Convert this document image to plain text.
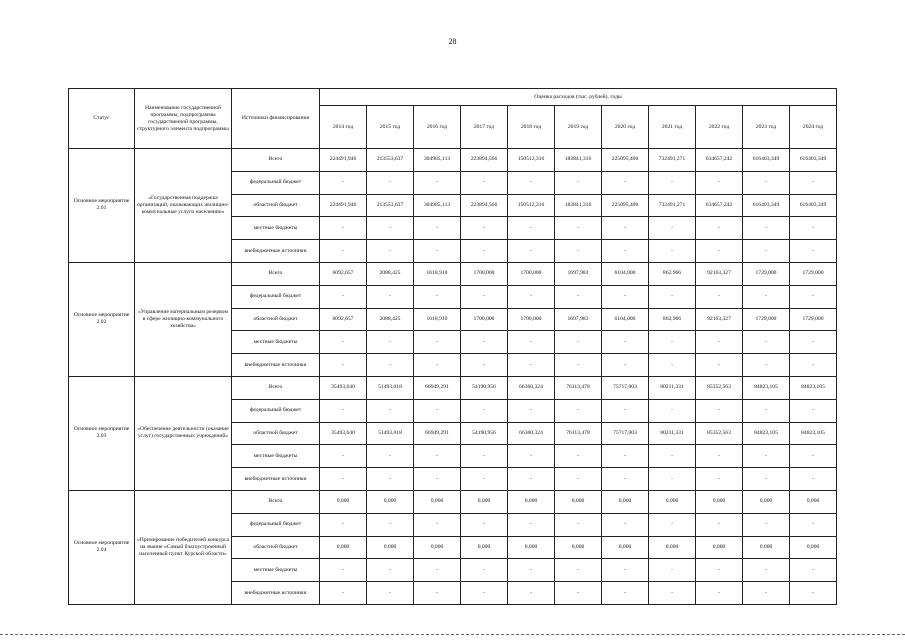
28
Статус	Наименование государственной программы, подпрограммы государственной программы, структурного элемента подпрограммы	Источники финансирования	Оценка расходов (тыс. рублей), годы										
			2014 год	2015 год	2016 год	2017 год	2018 год	2019 год	2020 год	2021 год	2022 год	2023 год	2024 год
Основное мероприятие 2.01	«Государственная поддержка организаций, оказывающих жилищно-коммунальные услуги населению»	Всего	224491,946	213553,637	304985,113	223894,566	150512,316	183841,316	225095,400	732491,271	634657,242	616403,349	616403,349
		федеральный бюджет	-	-	-	-	-	-	-	-	-	-	-
		областной бюджет	224491,946	213553,637	304985,113	223894,566	150512,316	183841,316	225095,400	732491,271	634657,242	616403,349	616403,349
		местные бюджеты	-	-	-	-	-	-	-	-	-	-	-
		внебюджетные источники	-	-	-	-	-	-	-	-	-	-	-
Основное мероприятие 2.02	«Управление материальным резервом в сфере жилищно-коммунального хозяйства»	Всего	6092,657	2088,425	1618,910	1700,000	1700,000	1697,983	6104,000	862,966	92163,327	1729,000	1729,000
		федеральный бюджет	-	-	-	-	-	-	-	-	-	-	-
		областной бюджет	6092,657	2088,425	1618,910	1700,000	1700,000	1697,983	6104,000	862,966	92163,327	1729,000	1729,000
		местные бюджеты	-	-	-	-	-	-	-	-	-	-	-
		внебюджетные источники	-	-	-	-	-	-	-	-	-	-	-
Основное мероприятие 2.03	«Обеспечение деятельности (оказание услуг) государственных учреждений»	Всего	35493,640	51493,018	66949,291	54190,956	66360,324	76113,478	75717,003	80211,331	85352,563	84823,105	84823,105
		федеральный бюджет	-	-	-	-	-	-	-	-	-	-	-
		областной бюджет	35493,640	51493,018	66949,291	54190,956	66360,324	76113,478	75717,003	80211,331	85352,563	84823,105	84823,105
		местные бюджеты	-	-	-	-	-	-	-	-	-	-	-
		внебюджетные источники	-	-	-	-	-	-	-	-	-	-	-
Основное мероприятие 2.04	«Премирование победителей конкурса на звание «Самый благоустроенный населенный пункт Курской области»	Всего	0,000	0,000	0,000	0,000	0,000	0,000	0,000	0,000	0,000	0,000	0,000
		федеральный бюджет	-	-	-	-	-	-	-	-	-	-	-
		областной бюджет	0,000	0,000	0,000	0,000	0,000	0,000	0,000	0,000	0,000	0,000	0,000
		местные бюджеты	-	-	-	-	-	-	-	-	-	-	-
		внебюджетные источники	-	-	-	-	-	-	-	-	-	-	-
